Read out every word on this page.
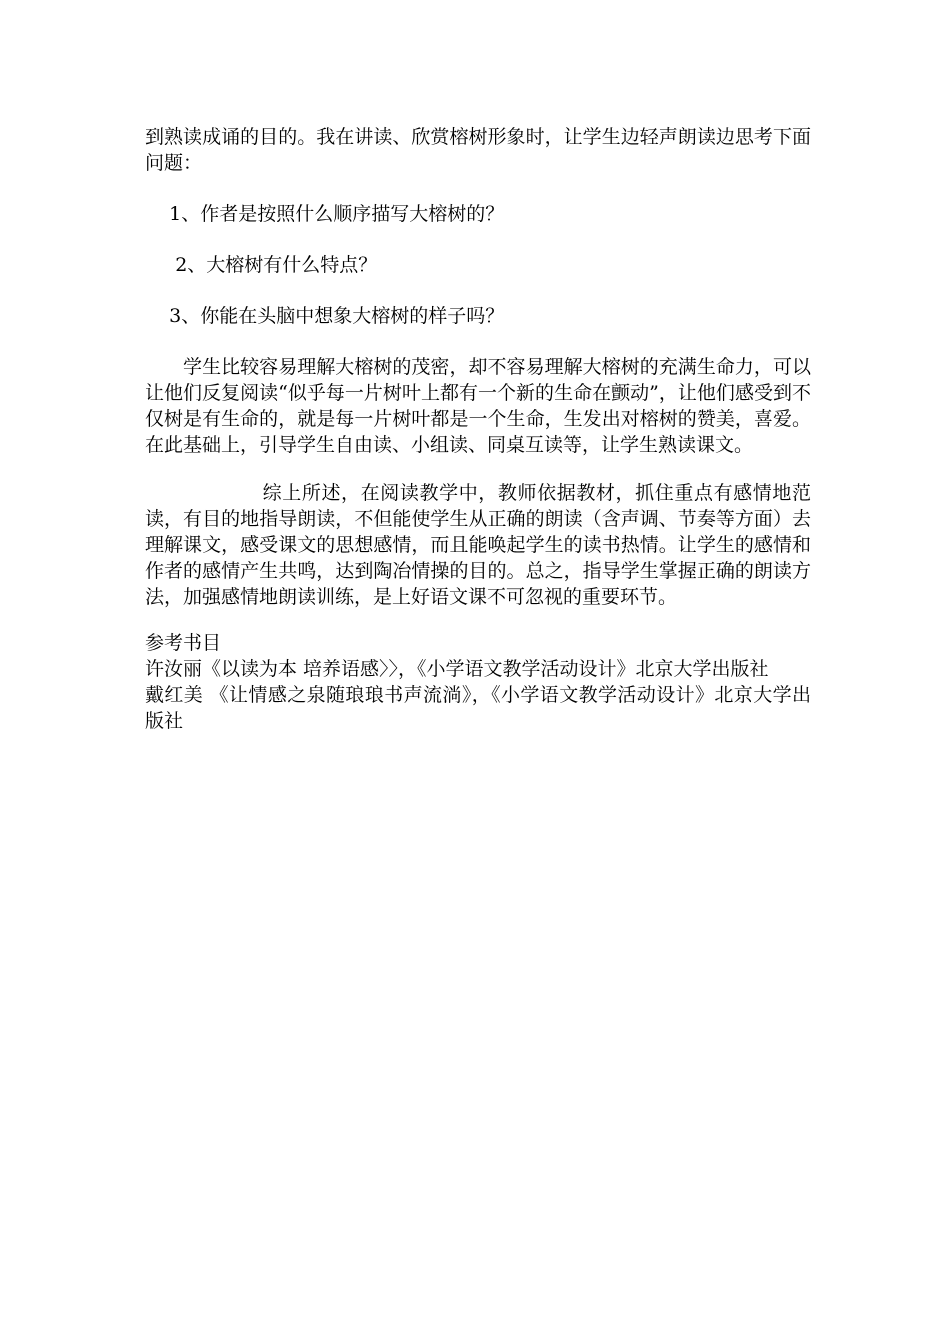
到熟读成诵的目的。我在讲读、欣赏榕树形象时，让学生边轻声朗读边思考下面问题：

1、作者是按照什么顺序描写大榕树的？

2、大榕树有什么特点？

3、你能在头脑中想象大榕树的样子吗？

　　学生比较容易理解大榕树的茂密，却不容易理解大榕树的充满生命力，可以让他们反复阅读“似乎每一片树叶上都有一个新的生命在颤动”，让他们感受到不仅树是有生命的，就是每一片树叶都是一个生命，生发出对榕树的赞美，喜爱。在此基础上，引导学生自由读、小组读、同桌互读等，让学生熟读课文。

　　　　　　综上所述，在阅读教学中，教师依据教材，抓住重点有感情地范读，有目的地指导朗读，不但能使学生从正确的朗读（含声调、节奏等方面）去理解课文，感受课文的思想感情，而且能唤起学生的读书热情。让学生的感情和作者的感情产生共鸣，达到陶冶情操的目的。总之，指导学生掌握正确的朗读方法，加强感情地朗读训练，是上好语文课不可忽视的重要环节。

参考书目

许汝丽《以读为本 培养语感〉〉，《小学语文教学活动设计》北京大学出版社

戴红美 《让情感之泉随琅琅书声流淌》，《小学语文教学活动设计》北京大学出版社
